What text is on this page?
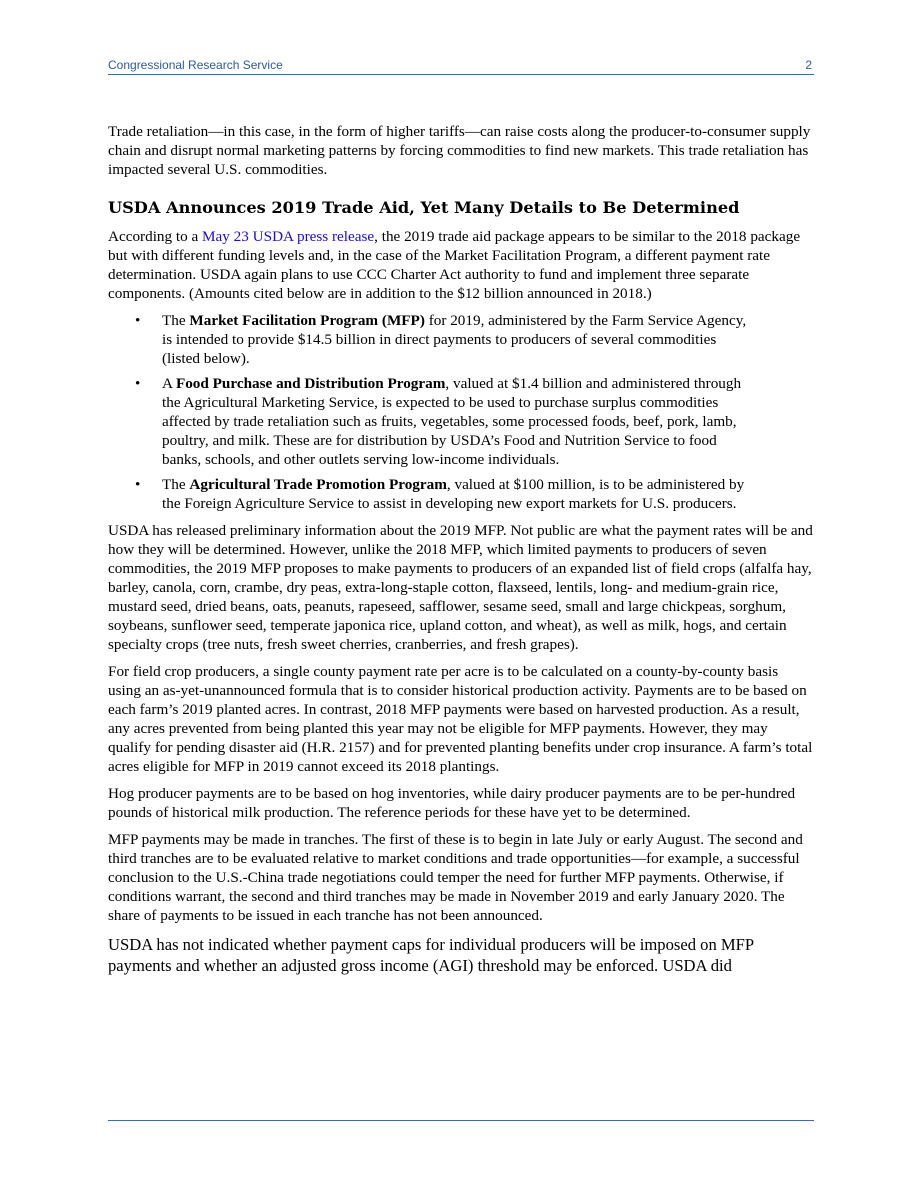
Congressional Research Service	2

Trade retaliation—in this case, in the form of higher tariffs—can raise costs along the producer-to-consumer supply chain and disrupt normal marketing patterns by forcing commodities to find new markets. This trade retaliation has impacted several U.S. commodities.

USDA Announces 2019 Trade Aid, Yet Many Details to Be Determined

According to a May 23 USDA press release, the 2019 trade aid package appears to be similar to the 2018 package but with different funding levels and, in the case of the Market Facilitation Program, a different payment rate determination. USDA again plans to use CCC Charter Act authority to fund and implement three separate components. (Amounts cited below are in addition to the $12 billion announced in 2018.)

• The Market Facilitation Program (MFP) for 2019, administered by the Farm Service Agency, is intended to provide $14.5 billion in direct payments to producers of several commodities (listed below).
• A Food Purchase and Distribution Program, valued at $1.4 billion and administered through the Agricultural Marketing Service, is expected to be used to purchase surplus commodities affected by trade retaliation such as fruits, vegetables, some processed foods, beef, pork, lamb, poultry, and milk. These are for distribution by USDA’s Food and Nutrition Service to food banks, schools, and other outlets serving low-income individuals.
• The Agricultural Trade Promotion Program, valued at $100 million, is to be administered by the Foreign Agriculture Service to assist in developing new export markets for U.S. producers.

USDA has released preliminary information about the 2019 MFP. Not public are what the payment rates will be and how they will be determined. However, unlike the 2018 MFP, which limited payments to producers of seven commodities, the 2019 MFP proposes to make payments to producers of an expanded list of field crops (alfalfa hay, barley, canola, corn, crambe, dry peas, extra-long-staple cotton, flaxseed, lentils, long- and medium-grain rice, mustard seed, dried beans, oats, peanuts, rapeseed, safflower, sesame seed, small and large chickpeas, sorghum, soybeans, sunflower seed, temperate japonica rice, upland cotton, and wheat), as well as milk, hogs, and certain specialty crops (tree nuts, fresh sweet cherries, cranberries, and fresh grapes).

For field crop producers, a single county payment rate per acre is to be calculated on a county-by-county basis using an as-yet-unannounced formula that is to consider historical production activity. Payments are to be based on each farm’s 2019 planted acres. In contrast, 2018 MFP payments were based on harvested production. As a result, any acres prevented from being planted this year may not be eligible for MFP payments. However, they may qualify for pending disaster aid (H.R. 2157) and for prevented planting benefits under crop insurance. A farm’s total acres eligible for MFP in 2019 cannot exceed its 2018 plantings.

Hog producer payments are to be based on hog inventories, while dairy producer payments are to be per-hundred pounds of historical milk production. The reference periods for these have yet to be determined.

MFP payments may be made in tranches. The first of these is to begin in late July or early August. The second and third tranches are to be evaluated relative to market conditions and trade opportunities—for example, a successful conclusion to the U.S.-China trade negotiations could temper the need for further MFP payments. Otherwise, if conditions warrant, the second and third tranches may be made in November 2019 and early January 2020. The share of payments to be issued in each tranche has not been announced.

USDA has not indicated whether payment caps for individual producers will be imposed on MFP payments and whether an adjusted gross income (AGI) threshold may be enforced. USDA did
